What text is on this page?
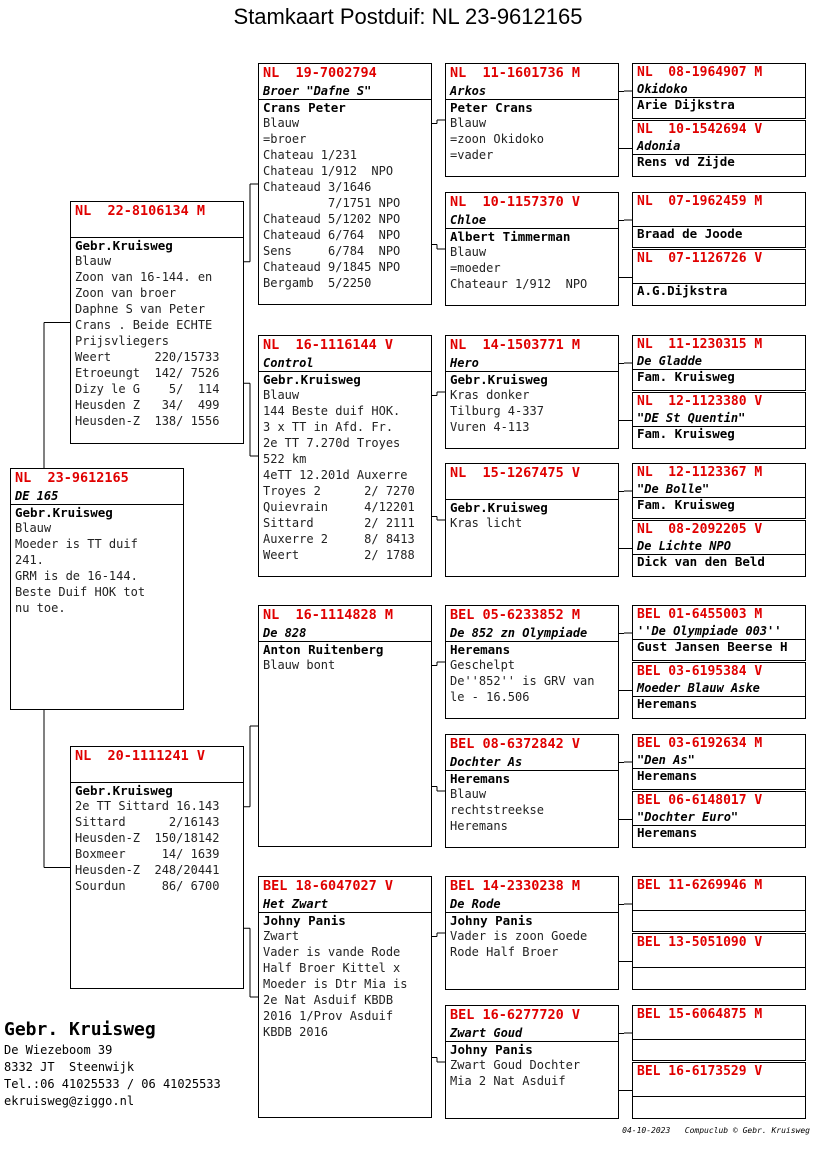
Stamkaart Postduif: NL 23-9612165
NL  23-9612165
DE 165
Gebr.Kruisweg
Blauw
Moeder is TT duif
241.
GRM is de 16-144.
Beste Duif HOK tot
nu toe.
NL  22-8106134 M
Gebr.Kruisweg
Blauw
Zoon van 16-144. en
Zoon van broer
Daphne S van Peter
Crans . Beide ECHTE
Prijsvliegers
Weert      220/15733
Etroeungt  142/ 7526
Dizy le G    5/  114
Heusden Z   34/  499
Heusden-Z  138/ 1556
NL  20-1111241 V
Gebr.Kruisweg
2e TT Sittard 16.143
Sittard      2/16143
Heusden-Z  150/18142
Boxmeer     14/ 1639
Heusden-Z  248/20441
Sourdun     86/ 6700
NL  19-7002794
Broer "Dafne S"
Crans Peter
Blauw
=broer
Chateau 1/231
Chateau 1/912  NPO
Chateaud 3/1646
7/1751 NPO
Chateaud 5/1202 NPO
Chateaud 6/764  NPO
Sens     6/784  NPO
Chateaud 9/1845 NPO
Bergamb  5/2250
NL  16-1116144 V
Control
Gebr.Kruisweg
Blauw
144 Beste duif HOK.
3 x TT in Afd. Fr.
2e TT 7.270d Troyes
522 km
4eTT 12.201d Auxerre
Troyes 2      2/ 7270
Quievrain     4/12201
Sittard       2/ 2111
Auxerre 2     8/ 8413
Weert         2/ 1788
NL  16-1114828 M
De 828
Anton Ruitenberg
Blauw bont
BEL 18-6047027 V
Het Zwart
Johny Panis
Zwart
Vader is vande Rode
Half Broer Kittel x
Moeder is Dtr Mia is
2e Nat Asduif KBDB
2016 1/Prov Asduif
KBDB 2016
NL  11-1601736 M
Arkos
Peter Crans
Blauw
=zoon Okidoko
=vader
NL  10-1157370 V
Chloe
Albert Timmerman
Blauw
=moeder
Chateaur 1/912  NPO
NL  14-1503771 M
Hero
Gebr.Kruisweg
Kras donker
Tilburg 4-337
Vuren 4-113
NL  15-1267475 V
Gebr.Kruisweg
Kras licht
BEL 05-6233852 M
De 852 zn Olympiade
Heremans
Geschelpt
De''852'' is GRV van
le - 16.506
BEL 08-6372842 V
Dochter As
Heremans
Blauw
rechtstreekse
Heremans
BEL 14-2330238 M
De Rode
Johny Panis
Vader is zoon Goede
Rode Half Broer
BEL 16-6277720 V
Zwart Goud
Johny Panis
Zwart Goud Dochter
Mia 2 Nat Asduif
NL  08-1964907 M
Okidoko
Arie Dijkstra
NL  10-1542694 V
Adonia
Rens vd Zijde
NL  07-1962459 M
Braad de Joode
NL  07-1126726 V
A.G.Dijkstra
NL  11-1230315 M
De Gladde
Fam. Kruisweg
NL  12-1123380 V
"DE St Quentin"
Fam. Kruisweg
NL  12-1123367 M
"De Bolle"
Fam. Kruisweg
NL  08-2092205 V
De Lichte NPO
Dick van den Beld
BEL 01-6455003 M
''De Olympiade 003''
Gust Jansen Beerse H
BEL 03-6195384 V
Moeder Blauw Aske
Heremans
BEL 03-6192634 M
"Den As"
Heremans
BEL 06-6148017 V
"Dochter Euro"
Heremans
BEL 11-6269946 M
BEL 13-5051090 V
BEL 15-6064875 M
BEL 16-6173529 V
Gebr. Kruisweg
De Wiezeboom 39
8332 JT  Steenwijk
Tel.:06 41025533 / 06 41025533
ekruisweg@ziggo.nl
04-10-2023 Compuclub © Gebr. Kruisweg
